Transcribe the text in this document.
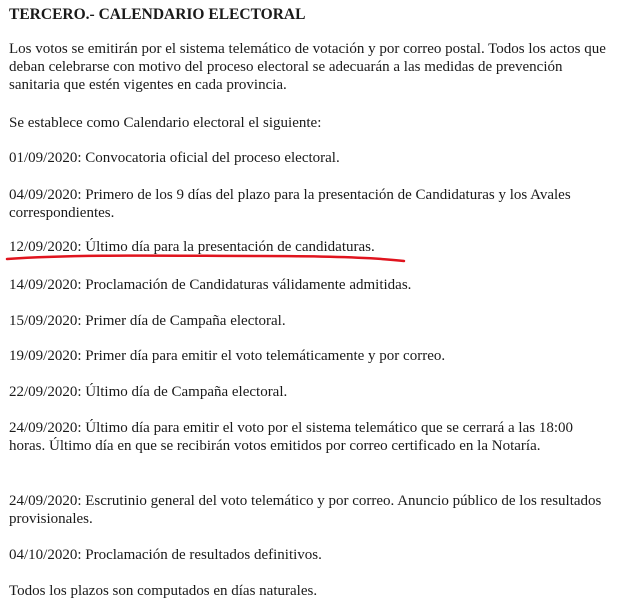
TERCERO.- CALENDARIO ELECTORAL

Los votos se emitirán por el sistema telemático de votación y por correo postal. Todos los actos que deban celebrarse con motivo del proceso electoral se adecuarán a las medidas de prevención sanitaria que estén vigentes en cada provincia.

Se establece como Calendario electoral el siguiente:

01/09/2020: Convocatoria oficial del proceso electoral.

04/09/2020: Primero de los 9 días del plazo para la presentación de Candidaturas y los Avales correspondientes.

12/09/2020: Último día para la presentación de candidaturas.

14/09/2020: Proclamación de Candidaturas válidamente admitidas.

15/09/2020: Primer día de Campaña electoral.

19/09/2020: Primer día para emitir el voto telemáticamente y por correo.

22/09/2020: Último día de Campaña electoral.

24/09/2020: Último día para emitir el voto por el sistema telemático que se cerrará a las 18:00 horas. Último día en que se recibirán votos emitidos por correo certificado en la Notaría.

24/09/2020: Escrutinio general del voto telemático y por correo. Anuncio público de los resultados provisionales.

04/10/2020: Proclamación de resultados definitivos.

Todos los plazos son computados en días naturales.
